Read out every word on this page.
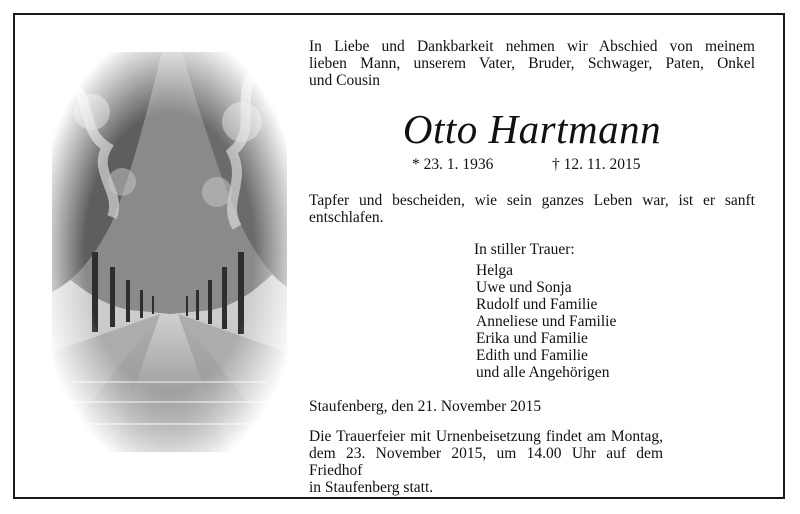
In Liebe und Dankbarkeit nehmen wir Abschied von meinem
lieben Mann, unserem Vater, Bruder, Schwager, Paten, Onkel
und Cousin
Otto Hartmann
* 23. 1. 1936	† 12. 11. 2015
Tapfer und bescheiden, wie sein ganzes Leben war, ist er sanft
entschlafen.
In stiller Trauer:
Helga
Uwe und Sonja
Rudolf und Familie
Anneliese und Familie
Erika und Familie
Edith und Familie
und alle Angehörigen
Staufenberg, den 21. November 2015
Die Trauerfeier mit Urnenbeisetzung findet am Montag,
dem 23. November 2015, um 14.00 Uhr auf dem Friedhof
in Staufenberg statt.
